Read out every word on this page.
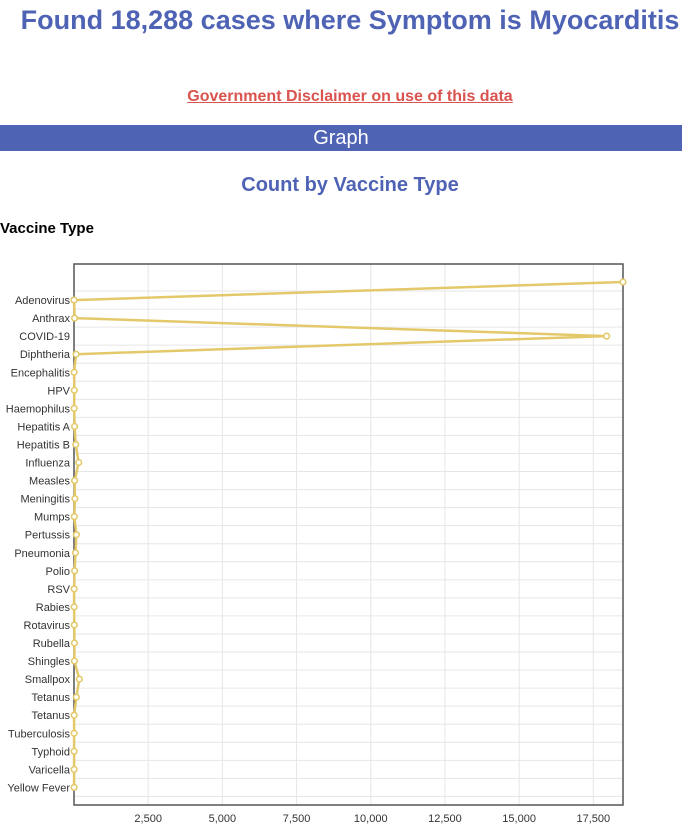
Found 18,288 cases where Symptom is Myocarditis
Government Disclaimer on use of this data
Graph
Count by Vaccine Type
Vaccine Type
2,500	5,000	7,500	10,000	12,500	15,000	17,500
Adenovirus
Anthrax
COVID-19
Diphtheria
Encephalitis
HPV
Haemophilus
Hepatitis A
Hepatitis B
Influenza
Measles
Meningitis
Mumps
Pertussis
Pneumonia
Polio
RSV
Rabies
Rotavirus
Rubella
Shingles
Smallpox
Tetanus
Tetanus
Tuberculosis
Typhoid
Varicella
Yellow Fever
